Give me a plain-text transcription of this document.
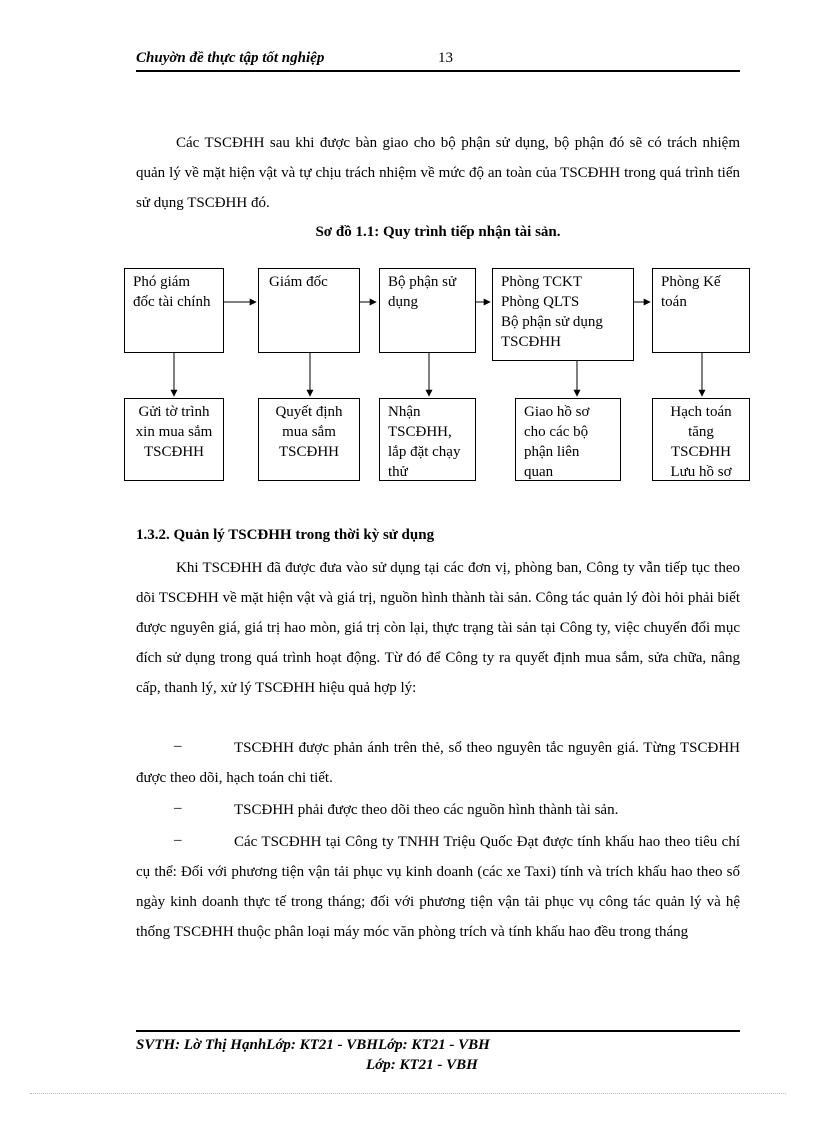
Chuyờn đề thực tập tốt nghiệp	13
Các TSCĐHH sau khi được bàn giao cho bộ phận sử dụng, bộ phận đó sẽ có trách nhiệm quản lý về mặt hiện vật và tự chịu trách nhiệm về mức độ an toàn của TSCĐHH trong quá trình tiến sử dụng TSCĐHH đó.
Sơ đồ 1.1: Quy trình tiếp nhận tài sản.
Phó giám đốc tài chính
Giám đốc	Bộ phận sử dụng
Phòng TCKT
Phòng QLTS
Bộ phận sử dụng TSCĐHH
Phòng Kế toán
Gửi tờ trình xin mua sắm TSCĐHH
Quyết định mua sắm TSCĐHH
Nhận TSCĐHH, lắp đặt chạy thử
Giao hồ sơ cho các bộ phận liên quan
Hạch toán tăng TSCĐHH Lưu hồ sơ
1.3.2. Quản lý TSCĐHH trong thời kỳ sử dụng
Khi TSCĐHH đã được đưa vào sử dụng tại các đơn vị, phòng ban, Công ty vẫn tiếp tục theo dõi TSCĐHH về mặt hiện vật và giá trị, nguồn hình thành tài sản. Công tác quản lý đòi hỏi phải biết được nguyên giá, giá trị hao mòn, giá trị còn lại, thực trạng tài sản tại Công ty, việc chuyển đổi mục đích sử dụng trong quá trình hoạt động. Từ đó để Công ty ra quyết định mua sắm, sửa chữa, nâng cấp, thanh lý, xử lý TSCĐHH hiệu quả hợp lý:
–	TSCĐHH được phản ánh trên thẻ, sổ theo nguyên tắc nguyên giá. Từng TSCĐHH được theo dõi, hạch toán chi tiết.
–	TSCĐHH phải được theo dõi theo các nguồn hình thành tài sản.
–	Các TSCĐHH tại Công ty TNHH Triệu Quốc Đạt được tính khấu hao theo tiêu chí cụ thể: Đối với phương tiện vận tải phục vụ kinh doanh (các xe Taxi) tính và trích khấu hao theo số ngày kinh doanh thực tế trong tháng; đối với phương tiện vận tải phục vụ công tác quản lý và hệ thống TSCĐHH thuộc phân loại máy móc văn phòng trích và tính khấu hao đều trong tháng
SVTH: Lờ Thị HạnhLớp: KT21 - VBHLớp: KT21 - VBH
Lớp: KT21 - VBH
